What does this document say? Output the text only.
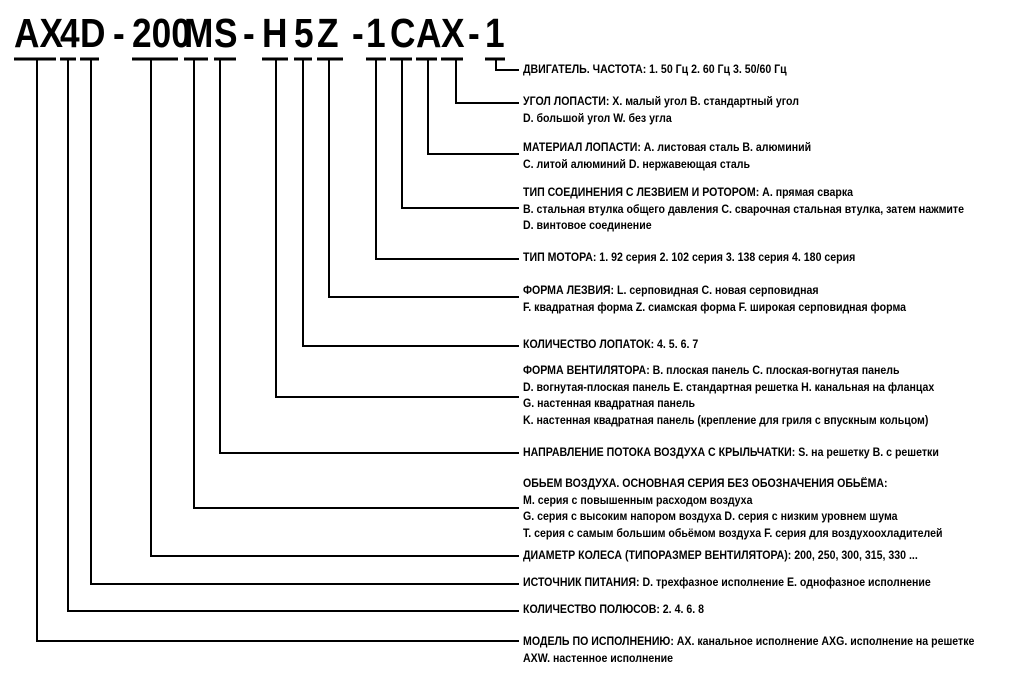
AX
4 D - 200
M S - H 5 Z - 1 C A X - 1
ДВИГАТЕЛЬ. ЧАСТОТА: 1. 50 Гц 2. 60 Гц 3. 50/60 Гц
УГОЛ ЛОПАСТИ: X. малый угол B. стандартный угол
D. большой угол W. без угла
МАТЕРИАЛ ЛОПАСТИ: A. листовая сталь B. алюминий
C. литой алюминий D. нержавеющая сталь
ТИП СОЕДИНЕНИЯ С ЛЕЗВИЕМ И РОТОРОМ: A. прямая сварка
B. стальная втулка общего давления C. сварочная стальная втулка, затем нажмите
D. винтовое соединение
ТИП МОТОРА: 1. 92 серия 2. 102 серия 3. 138 серия 4. 180 серия
ФОРМА ЛЕЗВИЯ: L. серповидная C. новая серповидная
F. квадратная форма Z. сиамская форма F. широкая серповидная форма
КОЛИЧЕСТВО ЛОПАТОК: 4. 5. 6. 7
ФОРМА ВЕНТИЛЯТОРА: B. плоская панель C. плоская-вогнутая панель
D. вогнутая-плоская панель E. стандартная решетка H. канальная на фланцах
G. настенная квадратная панель
K. настенная квадратная панель (крепление для гриля с впускным кольцом)
НАПРАВЛЕНИЕ ПОТОКА ВОЗДУХА С КРЫЛЬЧАТКИ: S. на решетку B. с решетки
ОБЬЕМ ВОЗДУХА. ОСНОВНАЯ СЕРИЯ БЕЗ ОБОЗНАЧЕНИЯ ОБЬЁМА:
M. серия с повышенным расходом воздуха
G. серия с высоким напором воздуха D. серия с низким уровнем шума
T. серия с самым большим обьёмом воздуха F. серия для воздухоохладителей
ДИАМЕТР КОЛЕСА (ТИПОРАЗМЕР ВЕНТИЛЯТОРА): 200, 250, 300, 315, 330 ...
ИСТОЧНИК ПИТАНИЯ: D. трехфазное исполнение E. однофазное исполнение
КОЛИЧЕСТВО ПОЛЮСОВ: 2. 4. 6. 8
МОДЕЛЬ ПО ИСПОЛНЕНИЮ: AX. канальное исполнение AXG. исполнение на решетке
AXW. настенное исполнение
